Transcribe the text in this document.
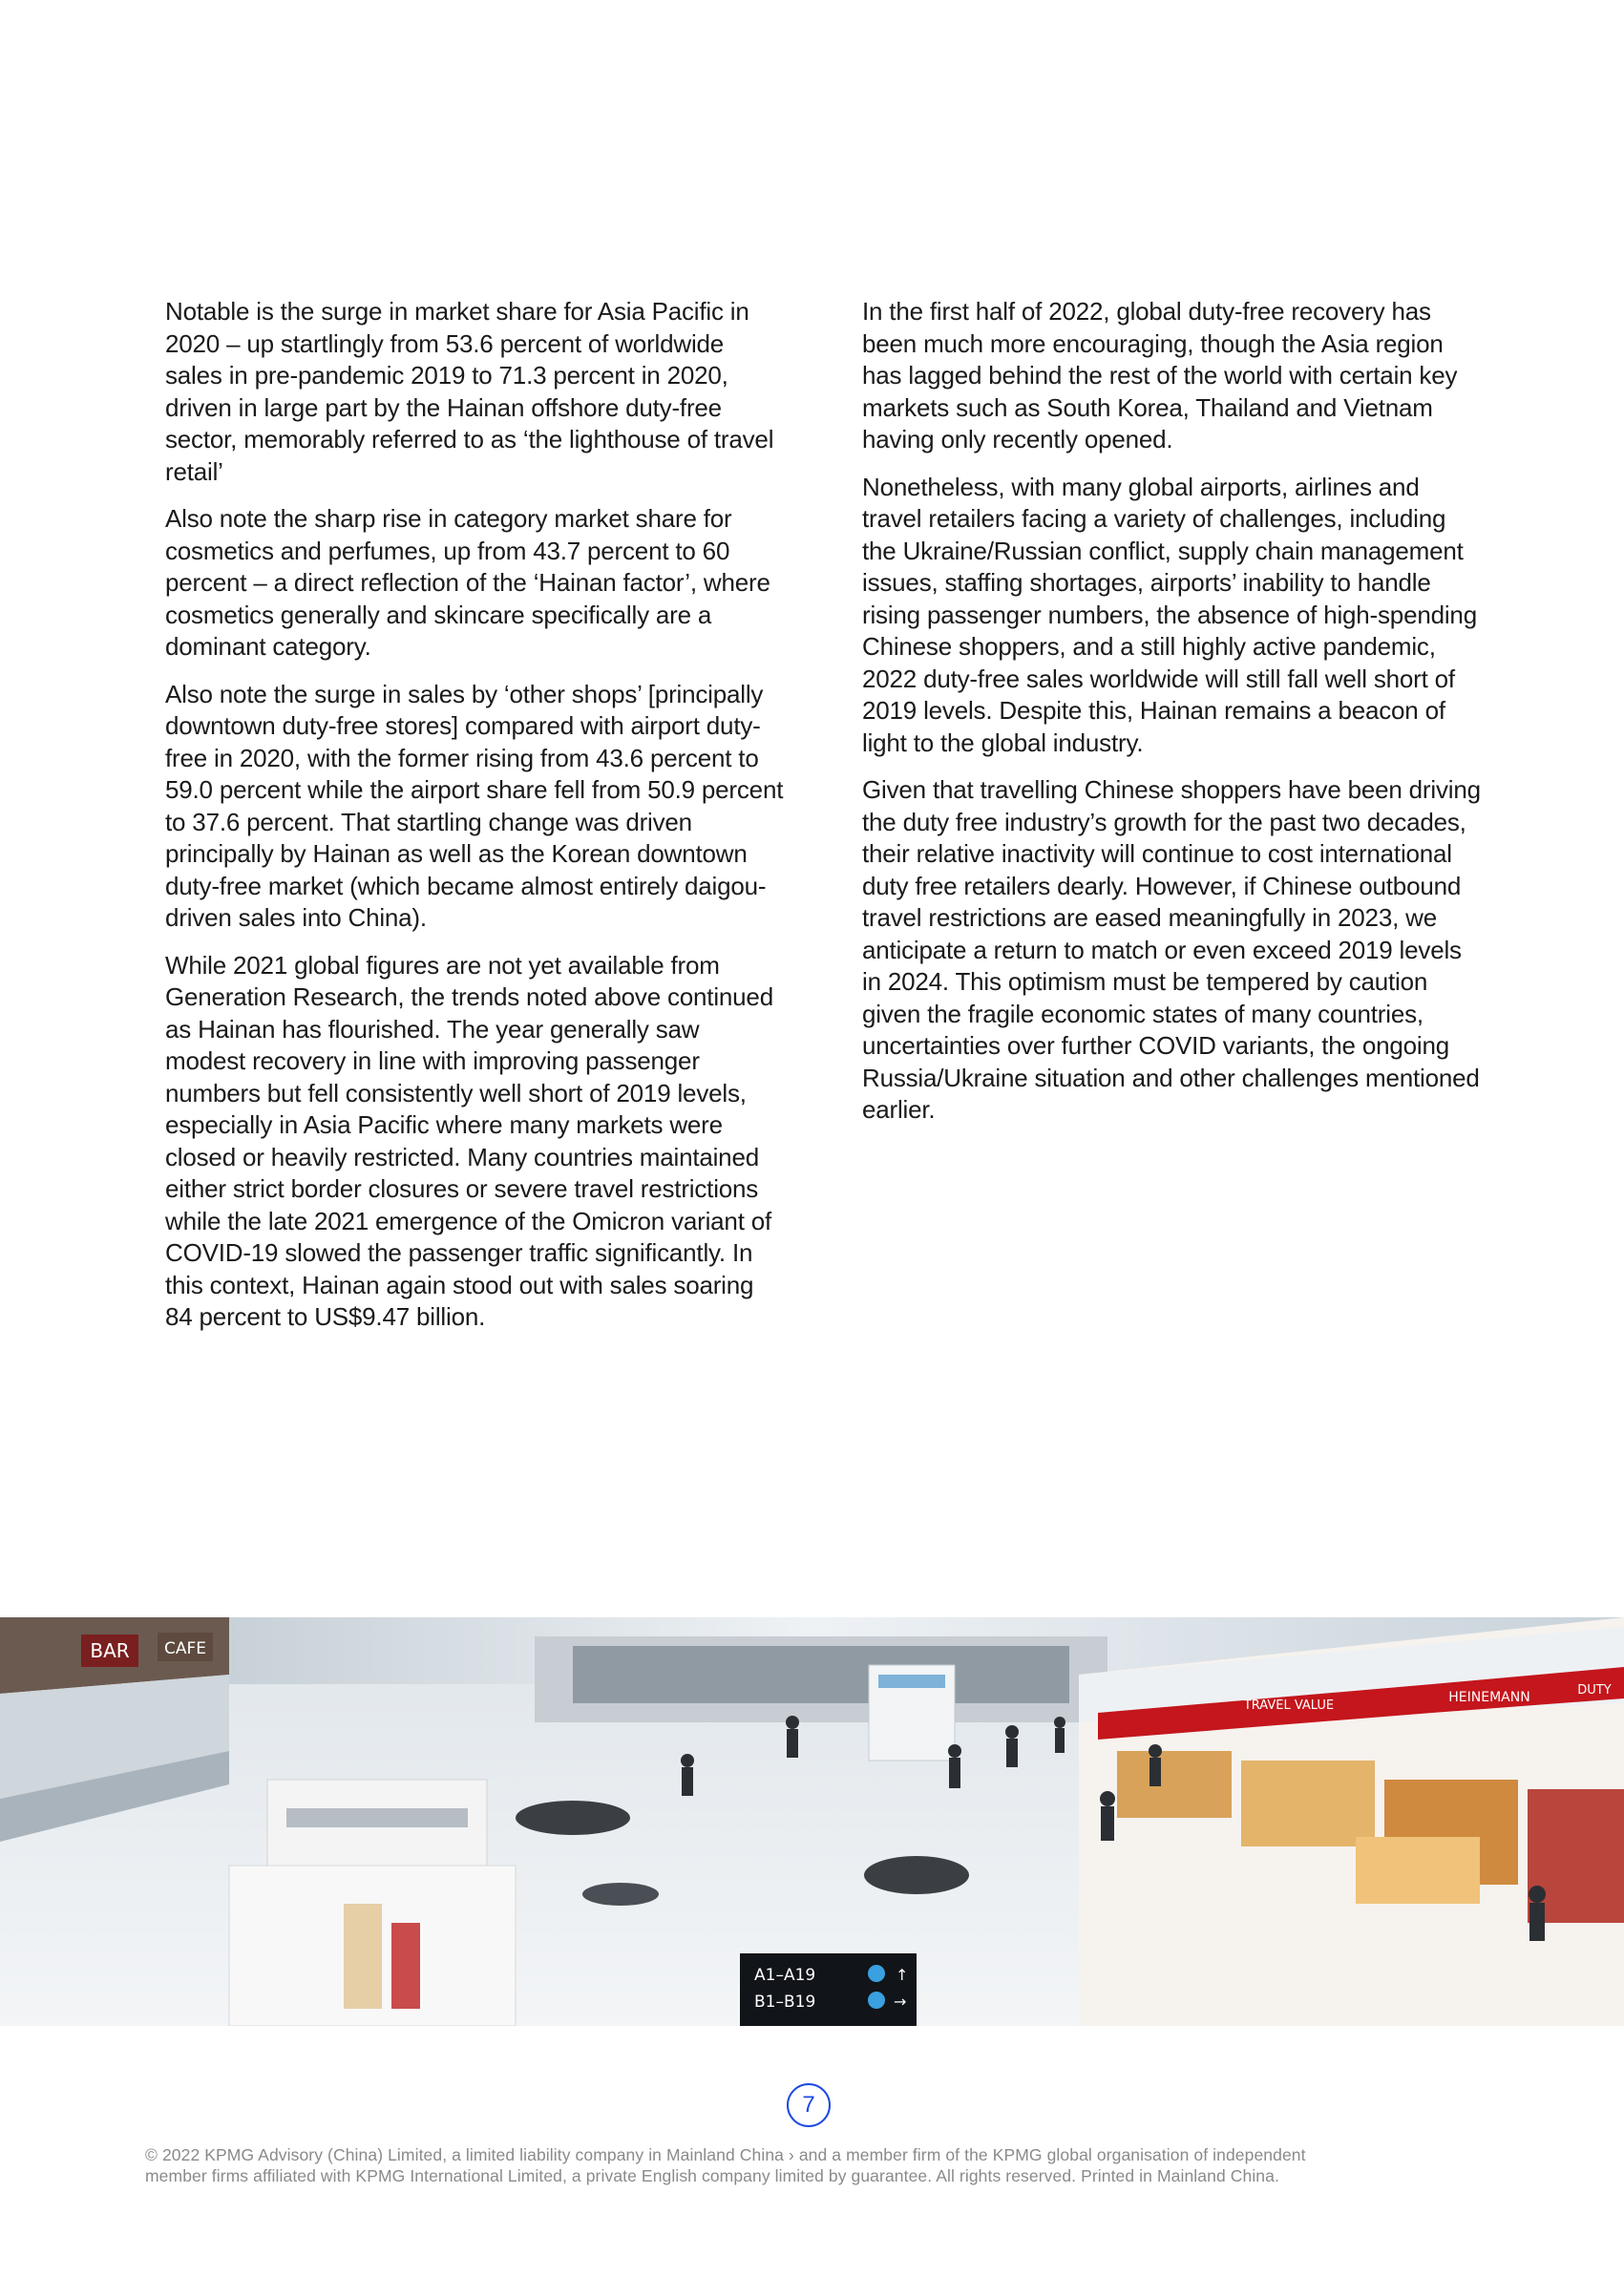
Notable is the surge in market share for Asia Pacific in 2020 – up startlingly from 53.6 percent of worldwide sales in pre-pandemic 2019 to 71.3 percent in 2020, driven in large part by the Hainan offshore duty-free sector, memorably referred to as ‘the lighthouse of travel retail’

Also note the sharp rise in category market share for cosmetics and perfumes, up from 43.7 percent to 60 percent – a direct reflection of the ‘Hainan factor’, where cosmetics generally and skincare specifically are a dominant category.

Also note the surge in sales by ‘other shops’ [principally downtown duty-free stores] compared with airport duty-free in 2020, with the former rising from 43.6 percent to 59.0 percent while the airport share fell from 50.9 percent to 37.6 percent. That startling change was driven principally by Hainan as well as the Korean downtown duty-free market (which became almost entirely daigou-driven sales into China).

While 2021 global figures are not yet available from Generation Research, the trends noted above continued as Hainan has flourished. The year generally saw modest recovery in line with improving passenger numbers but fell consistently well short of 2019 levels, especially in Asia Pacific where many markets were closed or heavily restricted. Many countries maintained either strict border closures or severe travel restrictions while the late 2021 emergence of the Omicron variant of COVID-19 slowed the passenger traffic significantly. In this context, Hainan again stood out with sales soaring 84 percent to US$9.47 billion.

In the first half of 2022, global duty-free recovery has been much more encouraging, though the Asia region has lagged behind the rest of the world with certain key markets such as South Korea, Thailand and Vietnam having only recently opened.

Nonetheless, with many global airports, airlines and travel retailers facing a variety of challenges, including the Ukraine/Russian conflict, supply chain management issues, staffing shortages, airports’ inability to handle rising passenger numbers, the absence of high-spending Chinese shoppers, and a still highly active pandemic, 2022 duty-free sales worldwide will still fall well short of 2019 levels. Despite this, Hainan remains a beacon of light to the global industry.

Given that travelling Chinese shoppers have been driving the duty free industry’s growth for the past two decades, their relative inactivity will continue to cost international duty free retailers dearly. However, if Chinese outbound travel restrictions are eased meaningfully in 2023, we anticipate a return to match or even exceed 2019 levels in 2024. This optimism must be tempered by caution given the fragile economic states of many countries, uncertainties over further COVID variants, the ongoing Russia/Ukraine situation and other challenges mentioned earlier.

BAR CAFE
TRAVEL VALUE
HEINEMANN	DUTY
A1–A19
B1–B19
↑
→
7
© 2022 KPMG Advisory (China) Limited, a limited liability company in Mainland China › and a member firm of the KPMG global organisation of independent
member firms affiliated with KPMG International Limited, a private English company limited by guarantee. All rights reserved. Printed in Mainland China.
